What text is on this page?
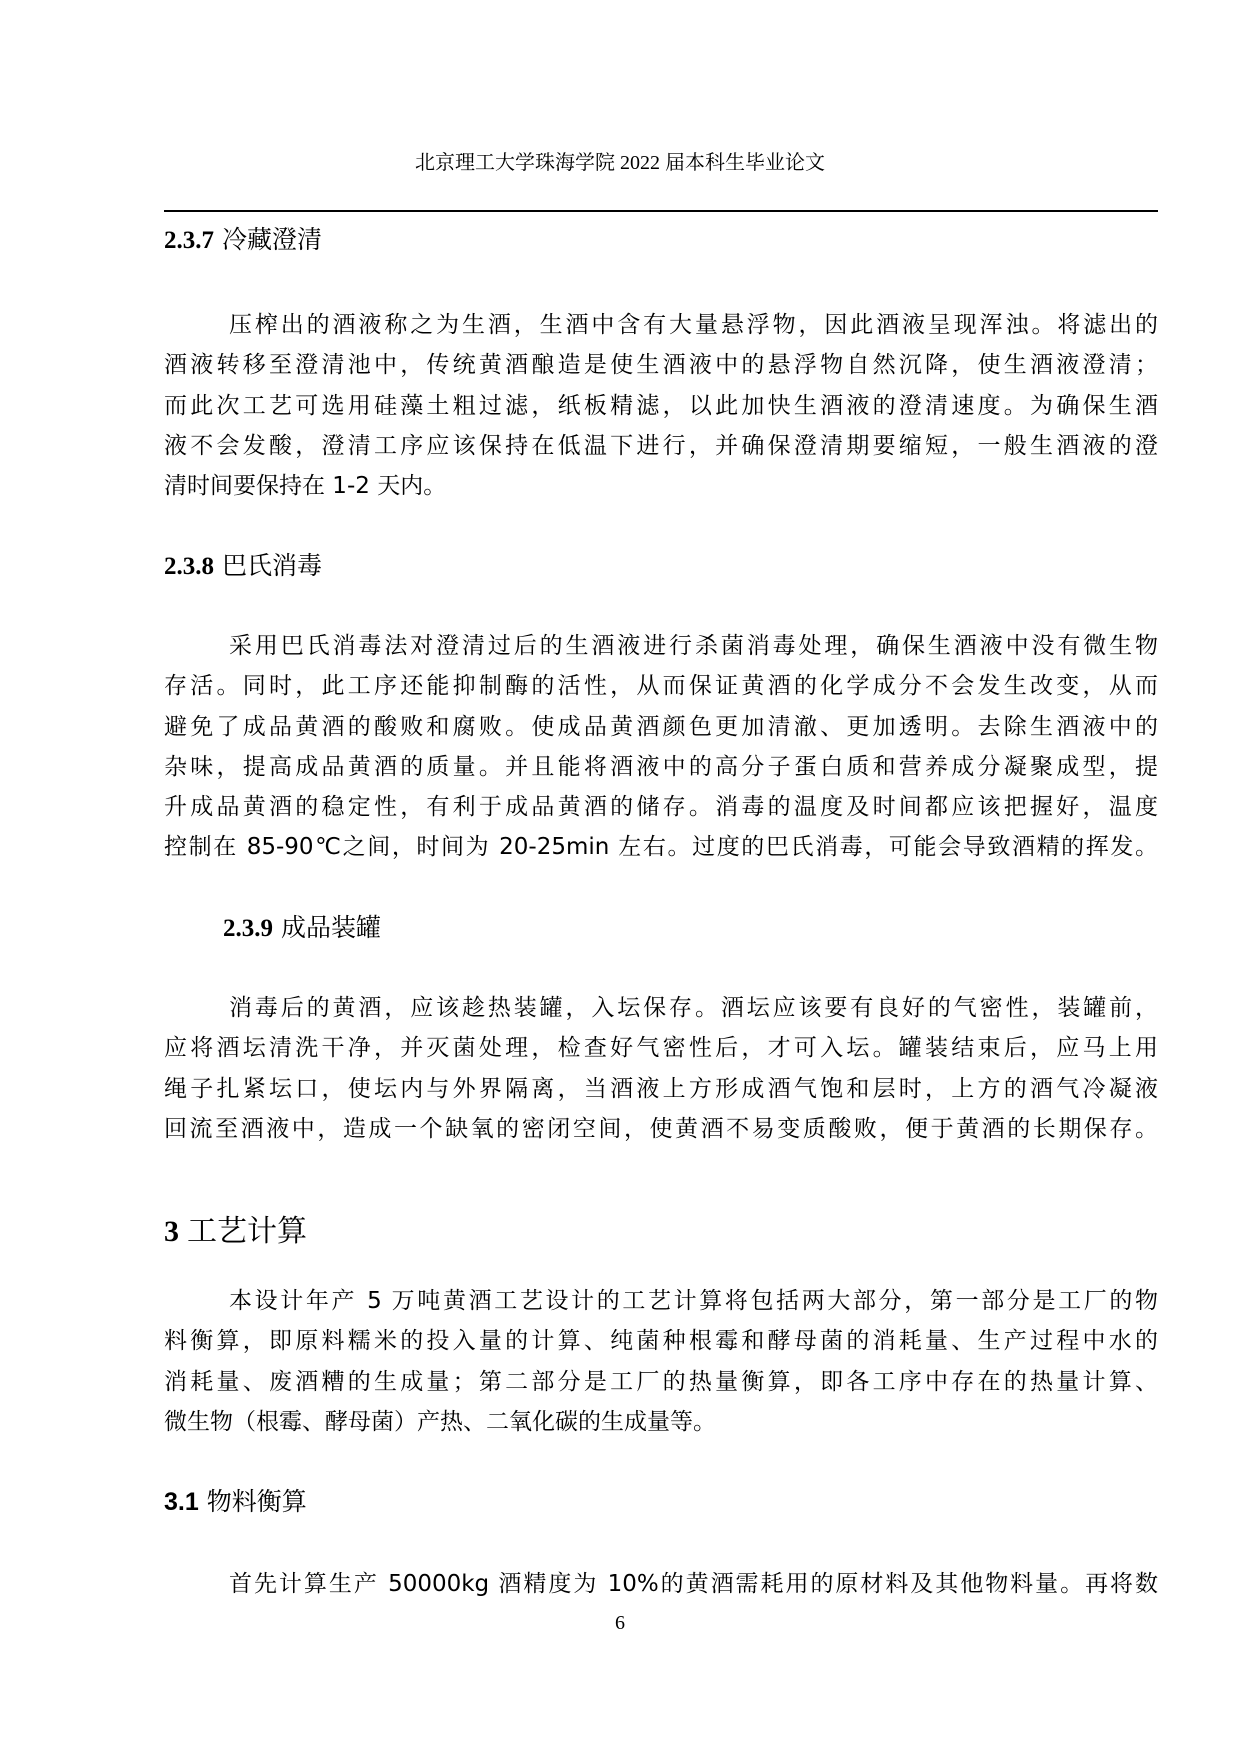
北京理工大学珠海学院 2022 届本科生毕业论文
2.3.7 冷藏澄清
压榨出的酒液称之为生酒，生酒中含有大量悬浮物，因此酒液呈现浑浊。将滤出的
酒液转移至澄清池中，传统黄酒酿造是使生酒液中的悬浮物自然沉降，使生酒液澄清；
而此次工艺可选用硅藻土粗过滤，纸板精滤，以此加快生酒液的澄清速度。为确保生酒
液不会发酸，澄清工序应该保持在低温下进行，并确保澄清期要缩短，一般生酒液的澄
清时间要保持在 1-2 天内。
2.3.8 巴氏消毒
采用巴氏消毒法对澄清过后的生酒液进行杀菌消毒处理，确保生酒液中没有微生物
存活。同时，此工序还能抑制酶的活性，从而保证黄酒的化学成分不会发生改变，从而
避免了成品黄酒的酸败和腐败。使成品黄酒颜色更加清澈、更加透明。去除生酒液中的
杂味，提高成品黄酒的质量。并且能将酒液中的高分子蛋白质和营养成分凝聚成型，提
升成品黄酒的稳定性，有利于成品黄酒的储存。消毒的温度及时间都应该把握好，温度
控制在 85-90℃之间，时间为 20-25min 左右。过度的巴氏消毒，可能会导致酒精的挥发。
2.3.9 成品装罐
消毒后的黄酒，应该趁热装罐，入坛保存。酒坛应该要有良好的气密性，装罐前，
应将酒坛清洗干净，并灭菌处理，检查好气密性后，才可入坛。罐装结束后，应马上用
绳子扎紧坛口，使坛内与外界隔离，当酒液上方形成酒气饱和层时，上方的酒气冷凝液
回流至酒液中，造成一个缺氧的密闭空间，使黄酒不易变质酸败，便于黄酒的长期保存。
3 工艺计算
本设计年产 5 万吨黄酒工艺设计的工艺计算将包括两大部分，第一部分是工厂的物
料衡算，即原料糯米的投入量的计算、纯菌种根霉和酵母菌的消耗量、生产过程中水的
消耗量、废酒糟的生成量；第二部分是工厂的热量衡算，即各工序中存在的热量计算、
微生物（根霉、酵母菌）产热、二氧化碳的生成量等。
3.1 物料衡算
首先计算生产 50000kg 酒精度为 10%的黄酒需耗用的原材料及其他物料量。再将数
6
